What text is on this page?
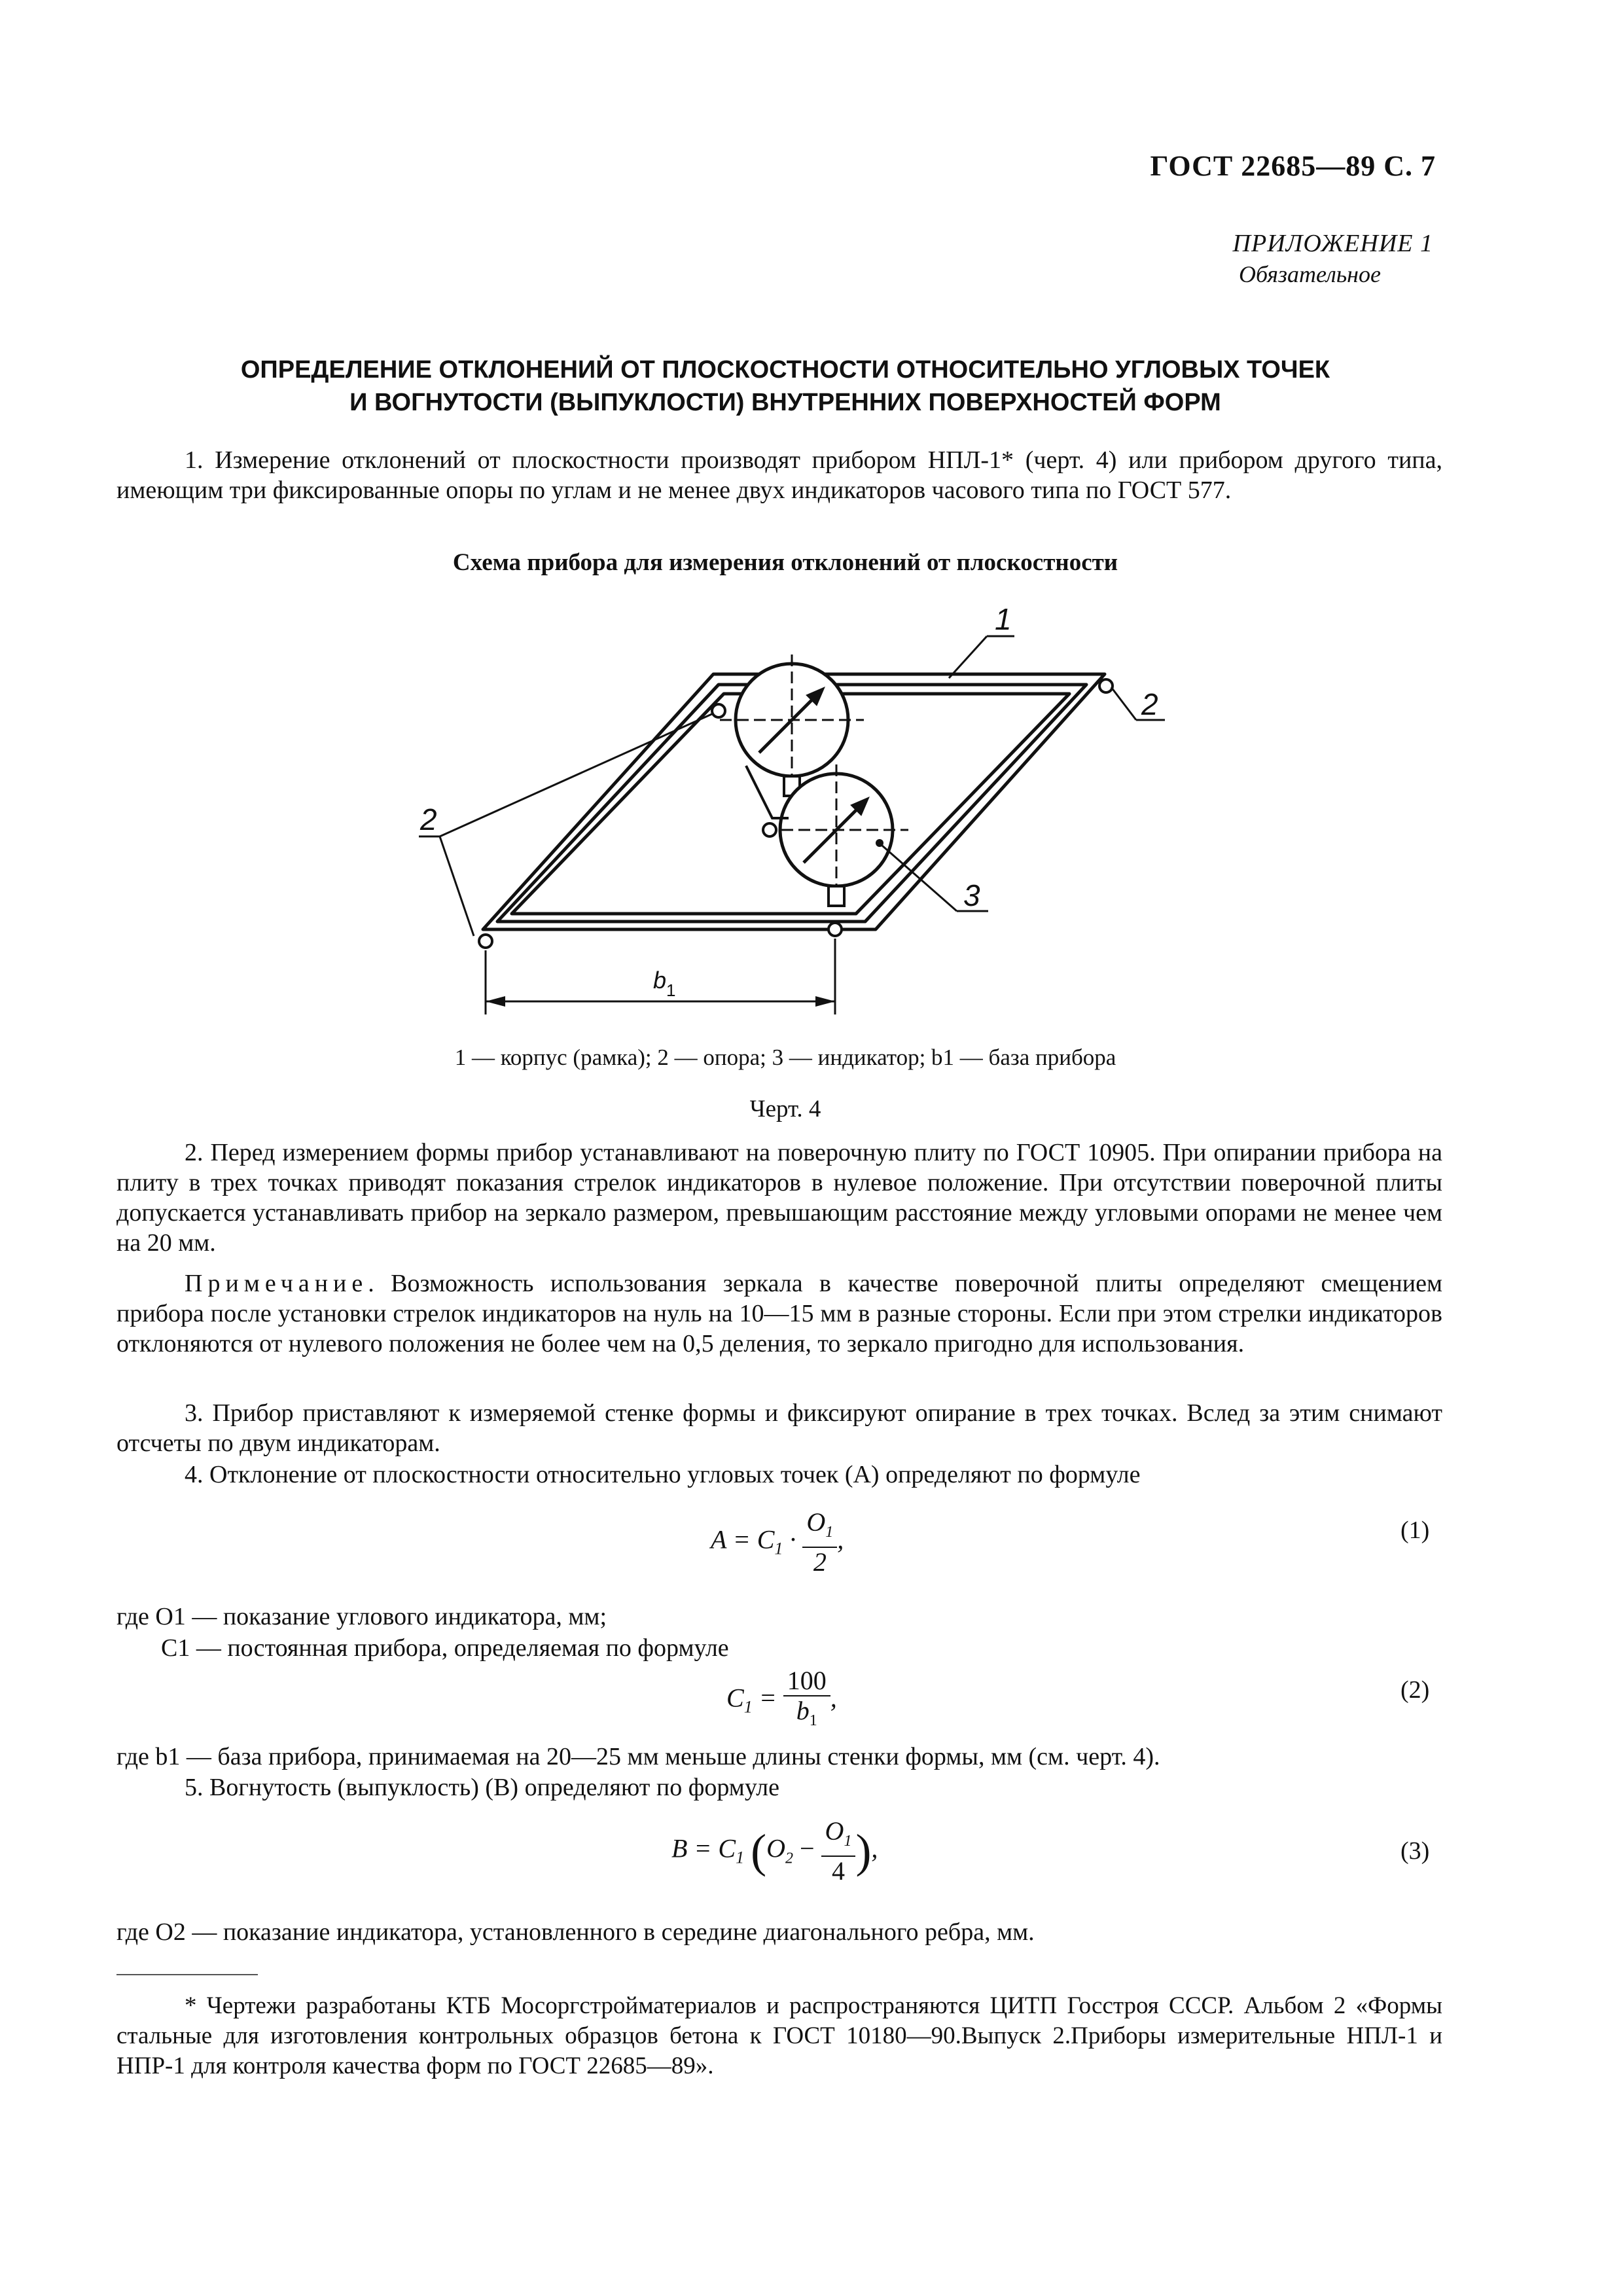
ГОСТ 22685—89 С. 7
ПРИЛОЖЕНИЕ 1
Обязательное
ОПРЕДЕЛЕНИЕ ОТКЛОНЕНИЙ ОТ ПЛОСКОСТНОСТИ ОТНОСИТЕЛЬНО УГЛОВЫХ ТОЧЕК
И ВОГНУТОСТИ (ВЫПУКЛОСТИ) ВНУТРЕННИХ ПОВЕРХНОСТЕЙ ФОРМ

1. Измерение отклонений от плоскостности производят прибором НПЛ-1* (черт. 4) или прибором другого типа, имеющим три фиксированные опоры по углам и не менее двух индикаторов часового типа по ГОСТ 577.

Схема прибора для измерения отклонений от плоскостности
1
2
2
3
b 1
1 — корпус (рамка); 2 — опора; 3 — индикатор; b1 — база прибора
Черт. 4

2. Перед измерением формы прибор устанавливают на поверочную плиту по ГОСТ 10905. При опирании прибора на плиту в трех точках приводят показания стрелок индикаторов в нулевое положение. При отсутствии поверочной плиты допускается устанавливать прибор на зеркало размером, превышающим расстояние между угловыми опорами не менее чем на 20 мм.

Примечание. Возможность использования зеркала в качестве поверочной плиты определяют смещением прибора после установки стрелок индикаторов на нуль на 10—15 мм в разные стороны. Если при этом стрелки индикаторов отклоняются от нулевого положения не более чем на 0,5 деления, то зеркало пригодно для использования.

3. Прибор приставляют к измеряемой стенке формы и фиксируют опирание в трех точках. Вслед за этим снимают отсчеты по двум индикаторам.

4. Отклонение от плоскостности относительно угловых точек (A) определяют по формуле

$A = C_1 \cdot \frac{O_1}{2}$ ,	(1)
где O1 — показание углового индикатора, мм;
C1 — постоянная прибора, определяемая по формуле
$C_1 = \frac{100}{b_1}$ ,	(2)
где b1 — база прибора, принимаемая на 20—25 мм меньше длины стенки формы, мм (см. черт. 4).

5. Вогнутость (выпуклость) (B) определяют по формуле

$B = C_1$ ($O_2 - \frac{O_1}{4}$ ),	(3)
где O2 — показание индикатора, установленного в середине диагонального ребра, мм.

* Чертежи разработаны КТБ Мосоргстройматериалов и распространяются ЦИТП Госстроя СССР. Альбом 2 «Формы стальные для изготовления контрольных образцов бетона к ГОСТ 10180—90.Выпуск 2.Приборы измерительные НПЛ-1 и НПР-1 для контроля качества форм по ГОСТ 22685—89».
